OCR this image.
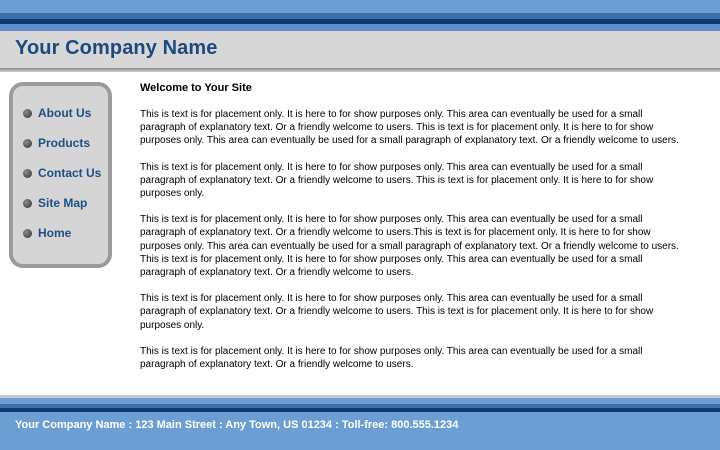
Your Company Name
About Us
Products
Contact Us
Site Map
Home
Welcome to Your Site

This is text is for placement only. It is here to for show purposes only. This area can eventually be used for a small paragraph of explanatory text. Or a friendly welcome to users. This is text is for placement only. It is here to for show purposes only. This area can eventually be used for a small paragraph of explanatory text. Or a friendly welcome to users.

This is text is for placement only. It is here to for show purposes only. This area can eventually be used for a small paragraph of explanatory text. Or a friendly welcome to users. This is text is for placement only. It is here to for show purposes only.

This is text is for placement only. It is here to for show purposes only. This area can eventually be used for a small paragraph of explanatory text. Or a friendly welcome to users.This is text is for placement only. It is here to for show purposes only. This area can eventually be used for a small paragraph of explanatory text. Or a friendly welcome to users. This is text is for placement only. It is here to for show purposes only. This area can eventually be used for a small paragraph of explanatory text. Or a friendly welcome to users.

This is text is for placement only. It is here to for show purposes only. This area can eventually be used for a small paragraph of explanatory text. Or a friendly welcome to users. This is text is for placement only. It is here to for show purposes only.

This is text is for placement only. It is here to for show purposes only. This area can eventually be used for a small paragraph of explanatory text. Or a friendly welcome to users.

Your Company Name : 123 Main Street : Any Town, US 01234 : Toll-free: 800.555.1234
